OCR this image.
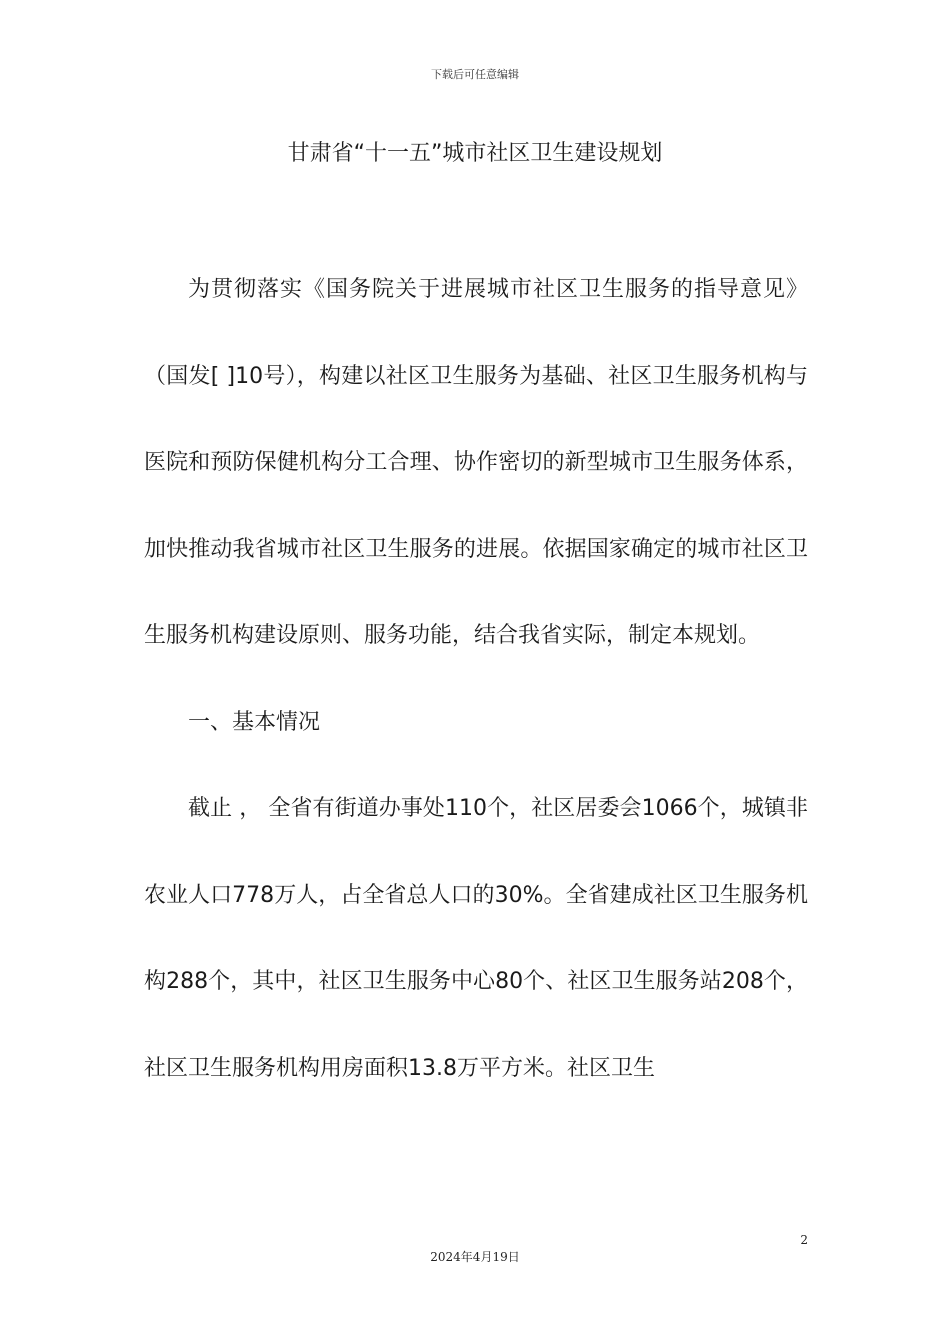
下载后可任意编辑
甘肃省“十一五”城市社区卫生建设规划

为贯彻落实《国务院关于进展城市社区卫生服务的指导意见》（国发[ ]10号），构建以社区卫生服务为基础、社区卫生服务机构与医院和预防保健机构分工合理、协作密切的新型城市卫生服务体系，加快推动我省城市社区卫生服务的进展。依据国家确定的城市社区卫生服务机构建设原则、服务功能，结合我省实际，制定本规划。

一、基本情况

截止 ， 全省有街道办事处110个，社区居委会1066个，城镇非农业人口778万人，占全省总人口的30%。全省建成社区卫生服务机构288个，其中，社区卫生服务中心80个、社区卫生服务站208个，社区卫生服务机构用房面积13.8万平方米。社区卫生

2
2024年4月19日
